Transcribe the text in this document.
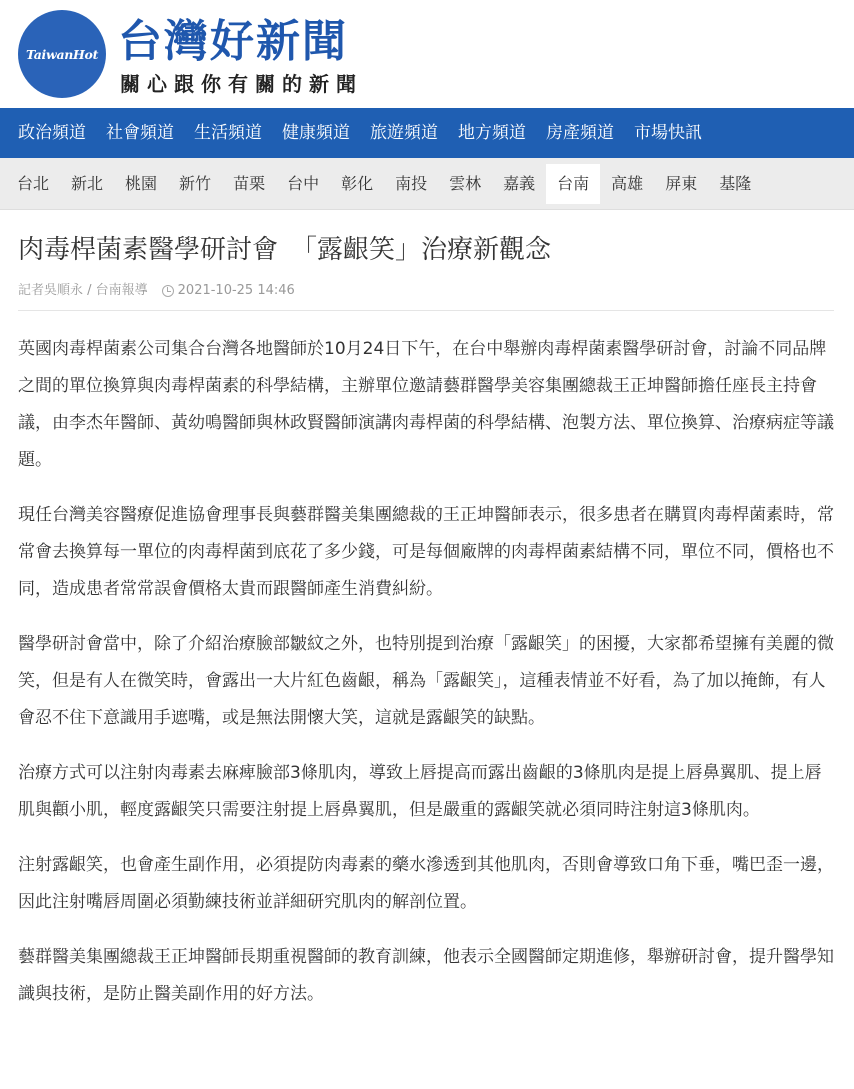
TaiwanHot 台灣好新聞
關心跟你有關的新聞
政治頻道	社會頻道	生活頻道	健康頻道	旅遊頻道	地方頻道	房產頻道	市場快訊
台北	新北	桃園	新竹	苗栗	台中	彰化	南投	雲林	嘉義	台南	高雄	屏東	基隆
肉毒桿菌素醫學研討會　「露齦笑」治療新觀念
記者吳順永 / 台南報導 2021-10-25 14:46

英國肉毒桿菌素公司集合台灣各地醫師於10月24日下午，在台中舉辦肉毒桿菌素醫學研討會，討論不同品牌之間的單位換算與肉毒桿菌素的科學結構，主辦單位邀請藝群醫學美容集團總裁王正坤醫師擔任座長主持會議，由李杰年醫師、黃幼鳴醫師與林政賢醫師演講肉毒桿菌的科學結構、泡製方法、單位換算、治療病症等議題。

現任台灣美容醫療促進協會理事長與藝群醫美集團總裁的王正坤醫師表示，很多患者在購買肉毒桿菌素時，常常會去換算每一單位的肉毒桿菌到底花了多少錢，可是每個廠牌的肉毒桿菌素結構不同，單位不同，價格也不同，造成患者常常誤會價格太貴而跟醫師產生消費糾紛。

醫學研討會當中，除了介紹治療臉部皺紋之外，也特別提到治療「露齦笑」的困擾，大家都希望擁有美麗的微笑，但是有人在微笑時，會露出一大片紅色齒齦，稱為「露齦笑」，這種表情並不好看，為了加以掩飾，有人會忍不住下意識用手遮嘴，或是無法開懷大笑，這就是露齦笑的缺點。

治療方式可以注射肉毒素去麻痺臉部3條肌肉，導致上唇提高而露出齒齦的3條肌肉是提上唇鼻翼肌、提上唇肌與顴小肌，輕度露齦笑只需要注射提上唇鼻翼肌，但是嚴重的露齦笑就必須同時注射這3條肌肉。

注射露齦笑，也會產生副作用，必須提防肉毒素的藥水滲透到其他肌肉，否則會導致口角下垂，嘴巴歪一邊，因此注射嘴唇周圍必須勤練技術並詳細研究肌肉的解剖位置。

藝群醫美集團總裁王正坤醫師長期重視醫師的教育訓練，他表示全國醫師定期進修，舉辦研討會，提升醫學知識與技術，是防止醫美副作用的好方法。
